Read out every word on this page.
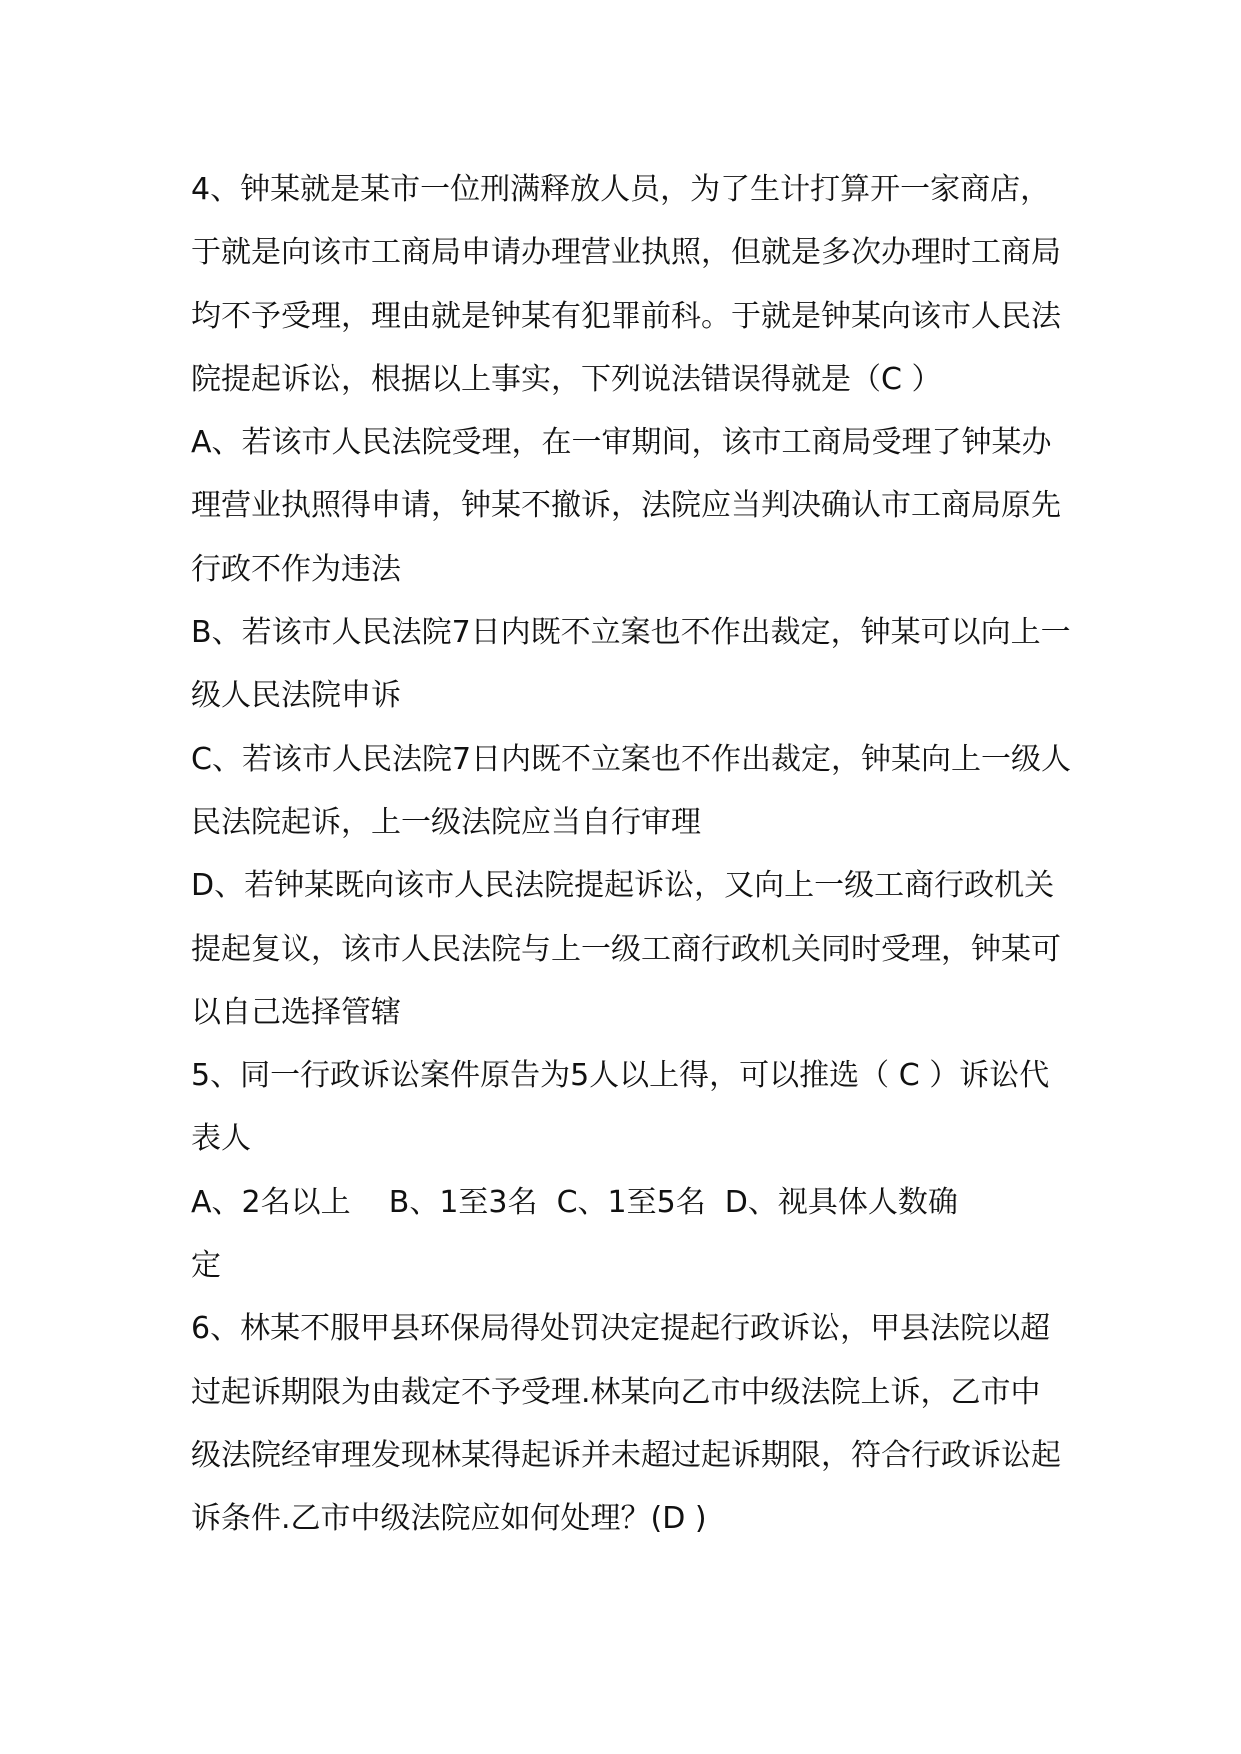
4、钟某就是某市一位刑满释放人员，为了生计打算开一家商店，
于就是向该市工商局申请办理营业执照，但就是多次办理时工商局
均不予受理，理由就是钟某有犯罪前科。于就是钟某向该市人民法
院提起诉讼，根据以上事实，下列说法错误得就是（C ）
A、若该市人民法院受理，在一审期间，该市工商局受理了钟某办
理营业执照得申请，钟某不撤诉，法院应当判决确认市工商局原先
行政不作为违法
B、若该市人民法院7日内既不立案也不作出裁定，钟某可以向上一
级人民法院申诉
C、若该市人民法院7日内既不立案也不作出裁定，钟某向上一级人
民法院起诉，上一级法院应当自行审理
D、若钟某既向该市人民法院提起诉讼，又向上一级工商行政机关
提起复议，该市人民法院与上一级工商行政机关同时受理，钟某可
以自己选择管辖
5、同一行政诉讼案件原告为5人以上得，可以推选（ C ）诉讼代
表人
A、2名以上    B、1至3名  C、1至5名  D、视具体人数确
定
6、林某不服甲县环保局得处罚决定提起行政诉讼，甲县法院以超
过起诉期限为由裁定不予受理.林某向乙市中级法院上诉，乙市中
级法院经审理发现林某得起诉并未超过起诉期限，符合行政诉讼起
诉条件.乙市中级法院应如何处理？(D )
